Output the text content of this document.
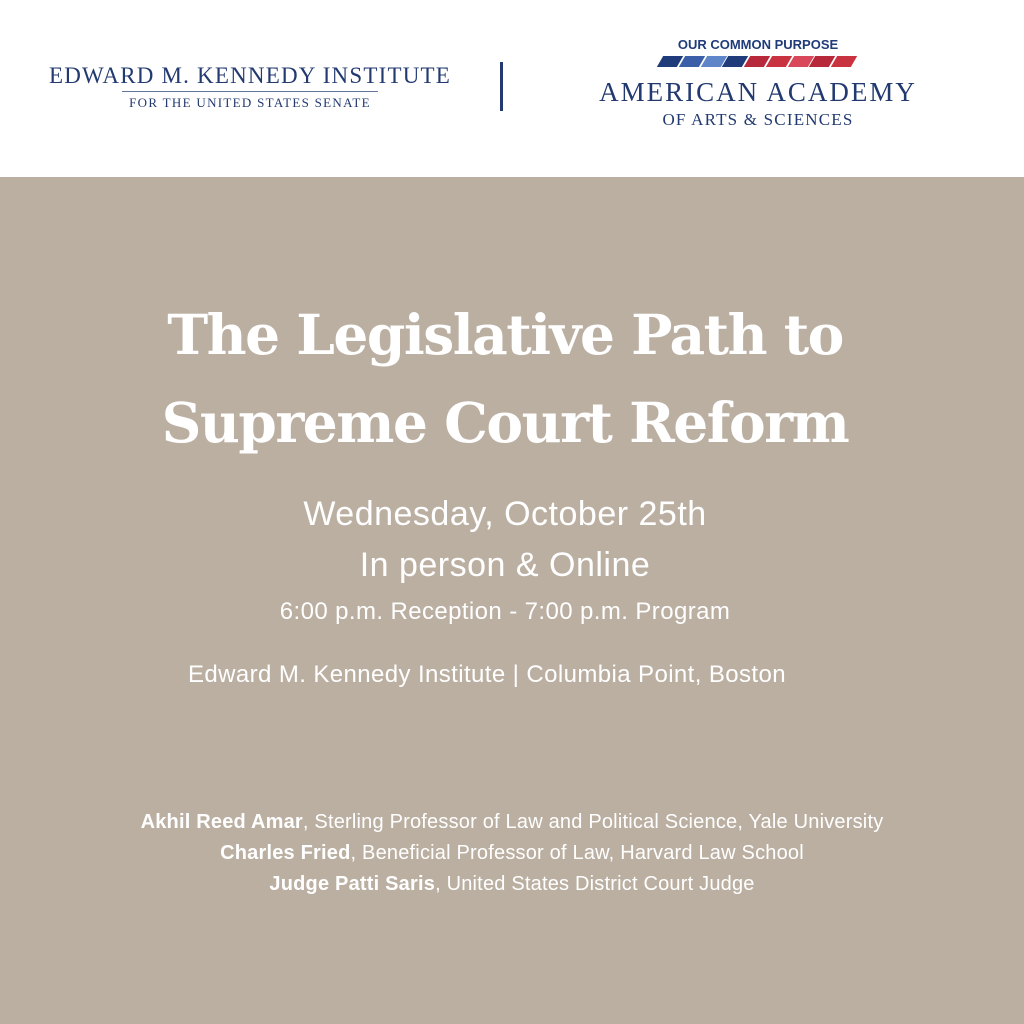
EDWARD M. KENNEDY INSTITUTE
FOR THE UNITED STATES SENATE
OUR COMMON PURPOSE
AMERICAN ACADEMY
OF ARTS & SCIENCES
The Legislative Path to
Supreme Court Reform
Wednesday, October 25th
In person & Online
6:00 p.m. Reception - 7:00 p.m. Program
Edward M. Kennedy Institute | Columbia Point, Boston
Akhil Reed Amar, Sterling Professor of Law and Political Science, Yale University
Charles Fried, Beneficial Professor of Law, Harvard Law School
Judge Patti Saris, United States District Court Judge
